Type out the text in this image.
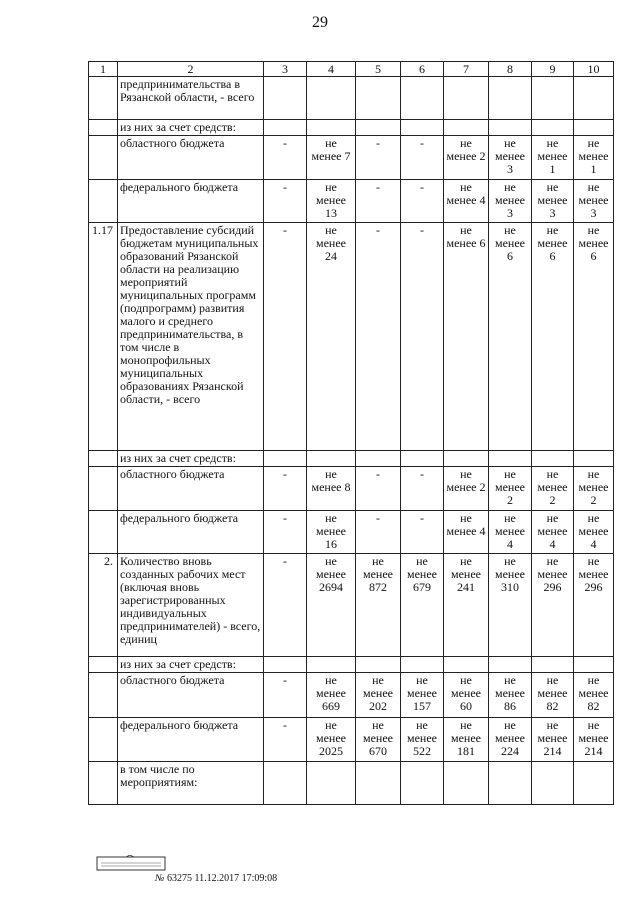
29
1	2	3	4	5	6	7	8	9	10
	предпринимательства в Рязанской области, - всего								
	из них за счет средств:								
	областного бюджета	-	не менее 7	-	-	не менее 2	не менее 3	не менее 1	не менее 1
	федерального бюджета	-	не менее 13	-	-	не менее 4	не менее 3	не менее 3	не менее 3
1.17	Предоставление субсидий бюджетам муниципальных образований Рязанской области на реализацию мероприятий муниципальных программ (подпрограмм) развития малого и среднего предпринимательства, в том числе в монопрофильных муниципальных образованиях Рязанской области, - всего	-	не менее 24	-	-	не менее 6	не менее 6	не менее 6	не менее 6
	из них за счет средств:								
	областного бюджета	-	не менее 8	-	-	не менее 2	не менее 2	не менее 2	не менее 2
	федерального бюджета	-	не менее 16	-	-	не менее 4	не менее 4	не менее 4	не менее 4
2.	Количество вновь созданных рабочих мест (включая вновь зарегистрированных индивидуальных предпринимателей) - всего, единиц	-	не менее 2694	не менее 872	не менее 679	не менее 241	не менее 310	не менее 296	не менее 296
	из них за счет средств:								
	областного бюджета	-	не менее 669	не менее 202	не менее 157	не менее 60	не менее 86	не менее 82	не менее 82
	федерального бюджета	-	не менее 2025	не менее 670	не менее 522	не менее 181	не менее 224	не менее 214	не менее 214
	в том числе по мероприятиям:								
№ 63275 11.12.2017 17:09:08
